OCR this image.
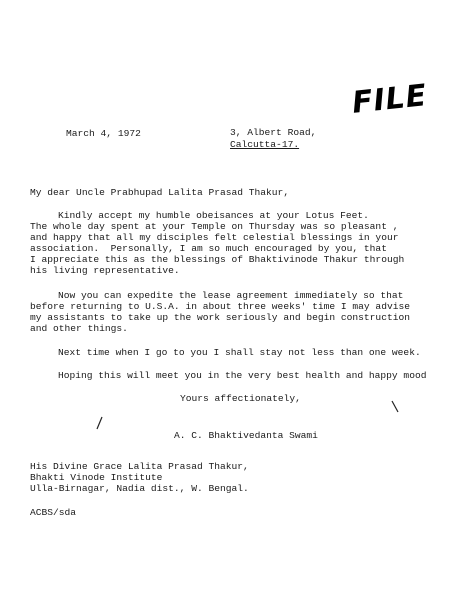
FILE
March 4, 1972	3, Albert Road,
Calcutta-17.
My dear Uncle Prabhupad Lalita Prasad Thakur,
Kindly accept my humble obeisances at your Lotus Feet.
The whole day spent at your Temple on Thursday was so pleasant ,
and happy that all my disciples felt celestial blessings in your
association.  Personally, I am so much encouraged by you, that
I appreciate this as the blessings of Bhaktivinode Thakur through
his living representative.
Now you can expedite the lease agreement immediately so that
before returning to U.S.A. in about three weeks' time I may advise
my assistants to take up the work seriously and begin construction
and other things.
Next time when I go to you I shall stay not less than one week.
Hoping this will meet you in the very best health and happy mood
Yours affectionately,
A. C. Bhaktivedanta Swami
His Divine Grace Lalita Prasad Thakur,
Bhakti Vinode Institute
Ulla-Birnagar, Nadia dist., W. Bengal.
ACBS/sda
